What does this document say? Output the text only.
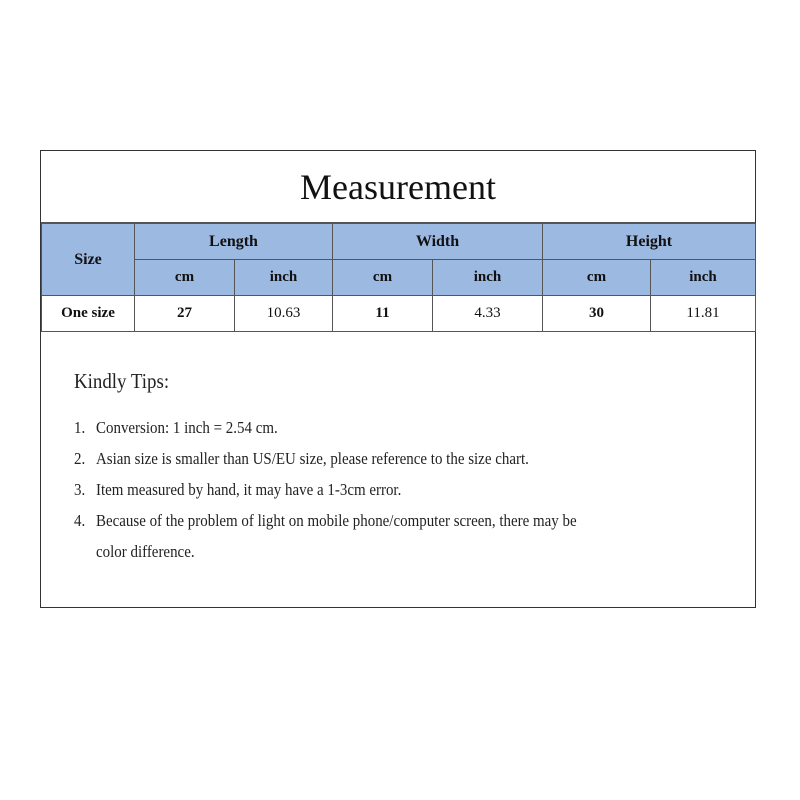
Measurement
Size	Length		Width		Height	
	cm	inch	cm	inch	cm	inch
One size	27	10.63	11	4.33	30	11.81
Kindly Tips:
1. Conversion: 1 inch = 2.54 cm.
2. Asian size is smaller than US/EU size, please reference to the size chart.
3. Item measured by hand, it may have a 1-3cm error.
4. Because of the problem of light on mobile phone/computer screen, there may be color difference.
